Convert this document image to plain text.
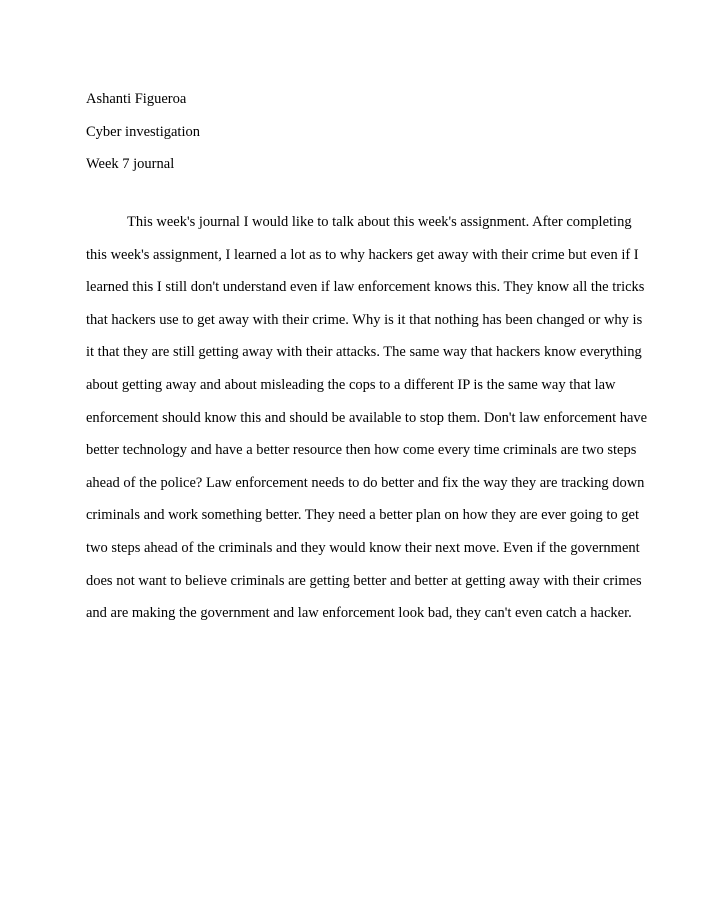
Ashanti Figueroa
Cyber investigation
Week 7 journal
This week's journal I would like to talk about this week's assignment. After completing
this week's assignment, I learned a lot as to why hackers get away with their crime but even if I
learned this I still don't understand even if law enforcement knows this. They know all the tricks
that hackers use to get away with their crime. Why is it that nothing has been changed or why is
it that they are still getting away with their attacks. The same way that hackers know everything
about getting away and about misleading the cops to a different IP is the same way that law
enforcement should know this and should be available to stop them. Don't law enforcement have
better technology and have a better resource then how come every time criminals are two steps
ahead of the police? Law enforcement needs to do better and fix the way they are tracking down
criminals and work something better. They need a better plan on how they are ever going to get
two steps ahead of the criminals and they would know their next move. Even if the government
does not want to believe criminals are getting better and better at getting away with their crimes
and are making the government and law enforcement look bad, they can't even catch a hacker.
